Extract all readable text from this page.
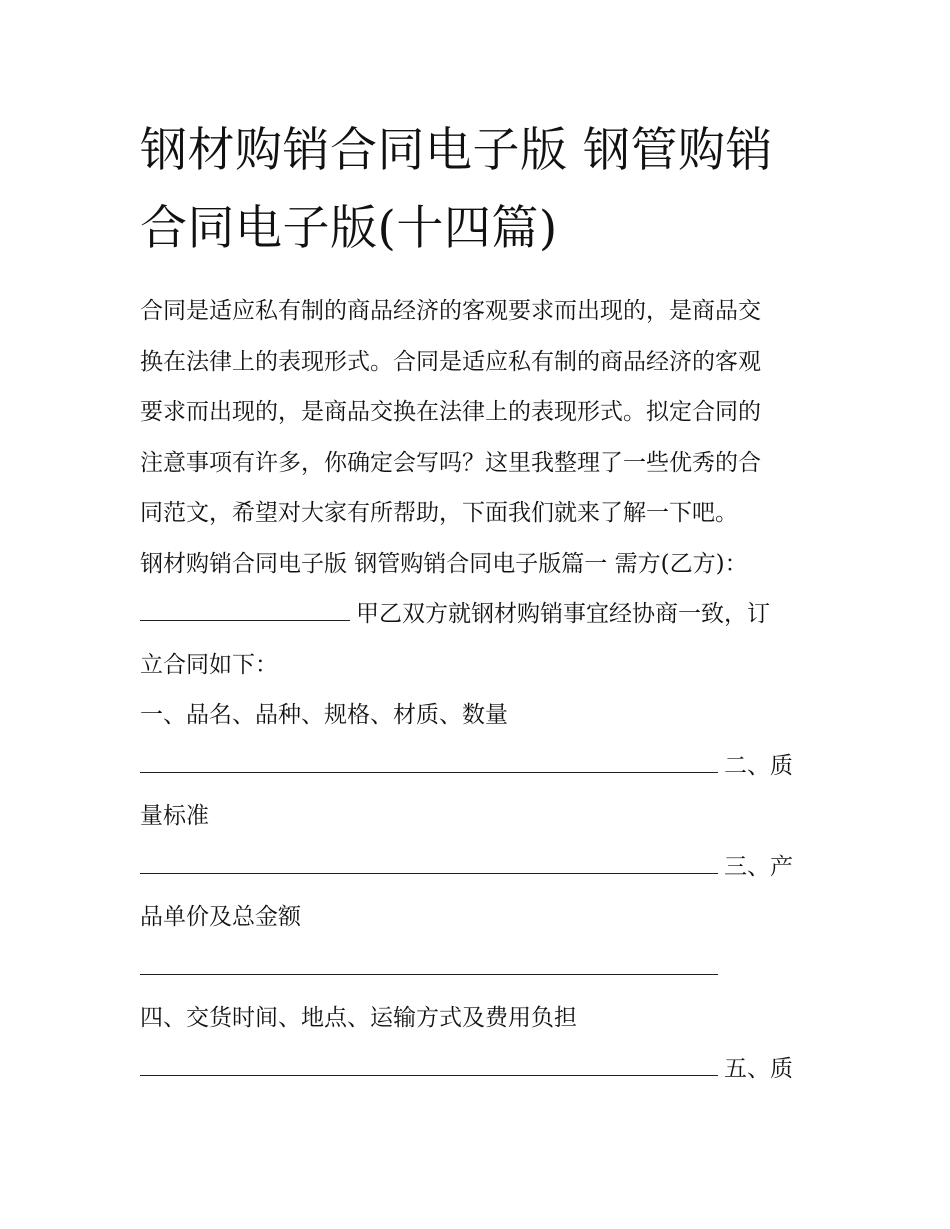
钢材购销合同电子版 钢管购销
合同电子版(十四篇)
合同是适应私有制的商品经济的客观要求而出现的，是商品交
换在法律上的表现形式。合同是适应私有制的商品经济的客观
要求而出现的，是商品交换在法律上的表现形式。拟定合同的
注意事项有许多，你确定会写吗？这里我整理了一些优秀的合
同范文，希望对大家有所帮助，下面我们就来了解一下吧。
钢材购销合同电子版 钢管购销合同电子版篇一 需方(乙方)：
甲乙双方就钢材购销事宜经协商一致，订
立合同如下：
一、品名、品种、规格、材质、数量
二、质
量标准
三、产
品单价及总金额
四、交货时间、地点、运输方式及费用负担
五、质
